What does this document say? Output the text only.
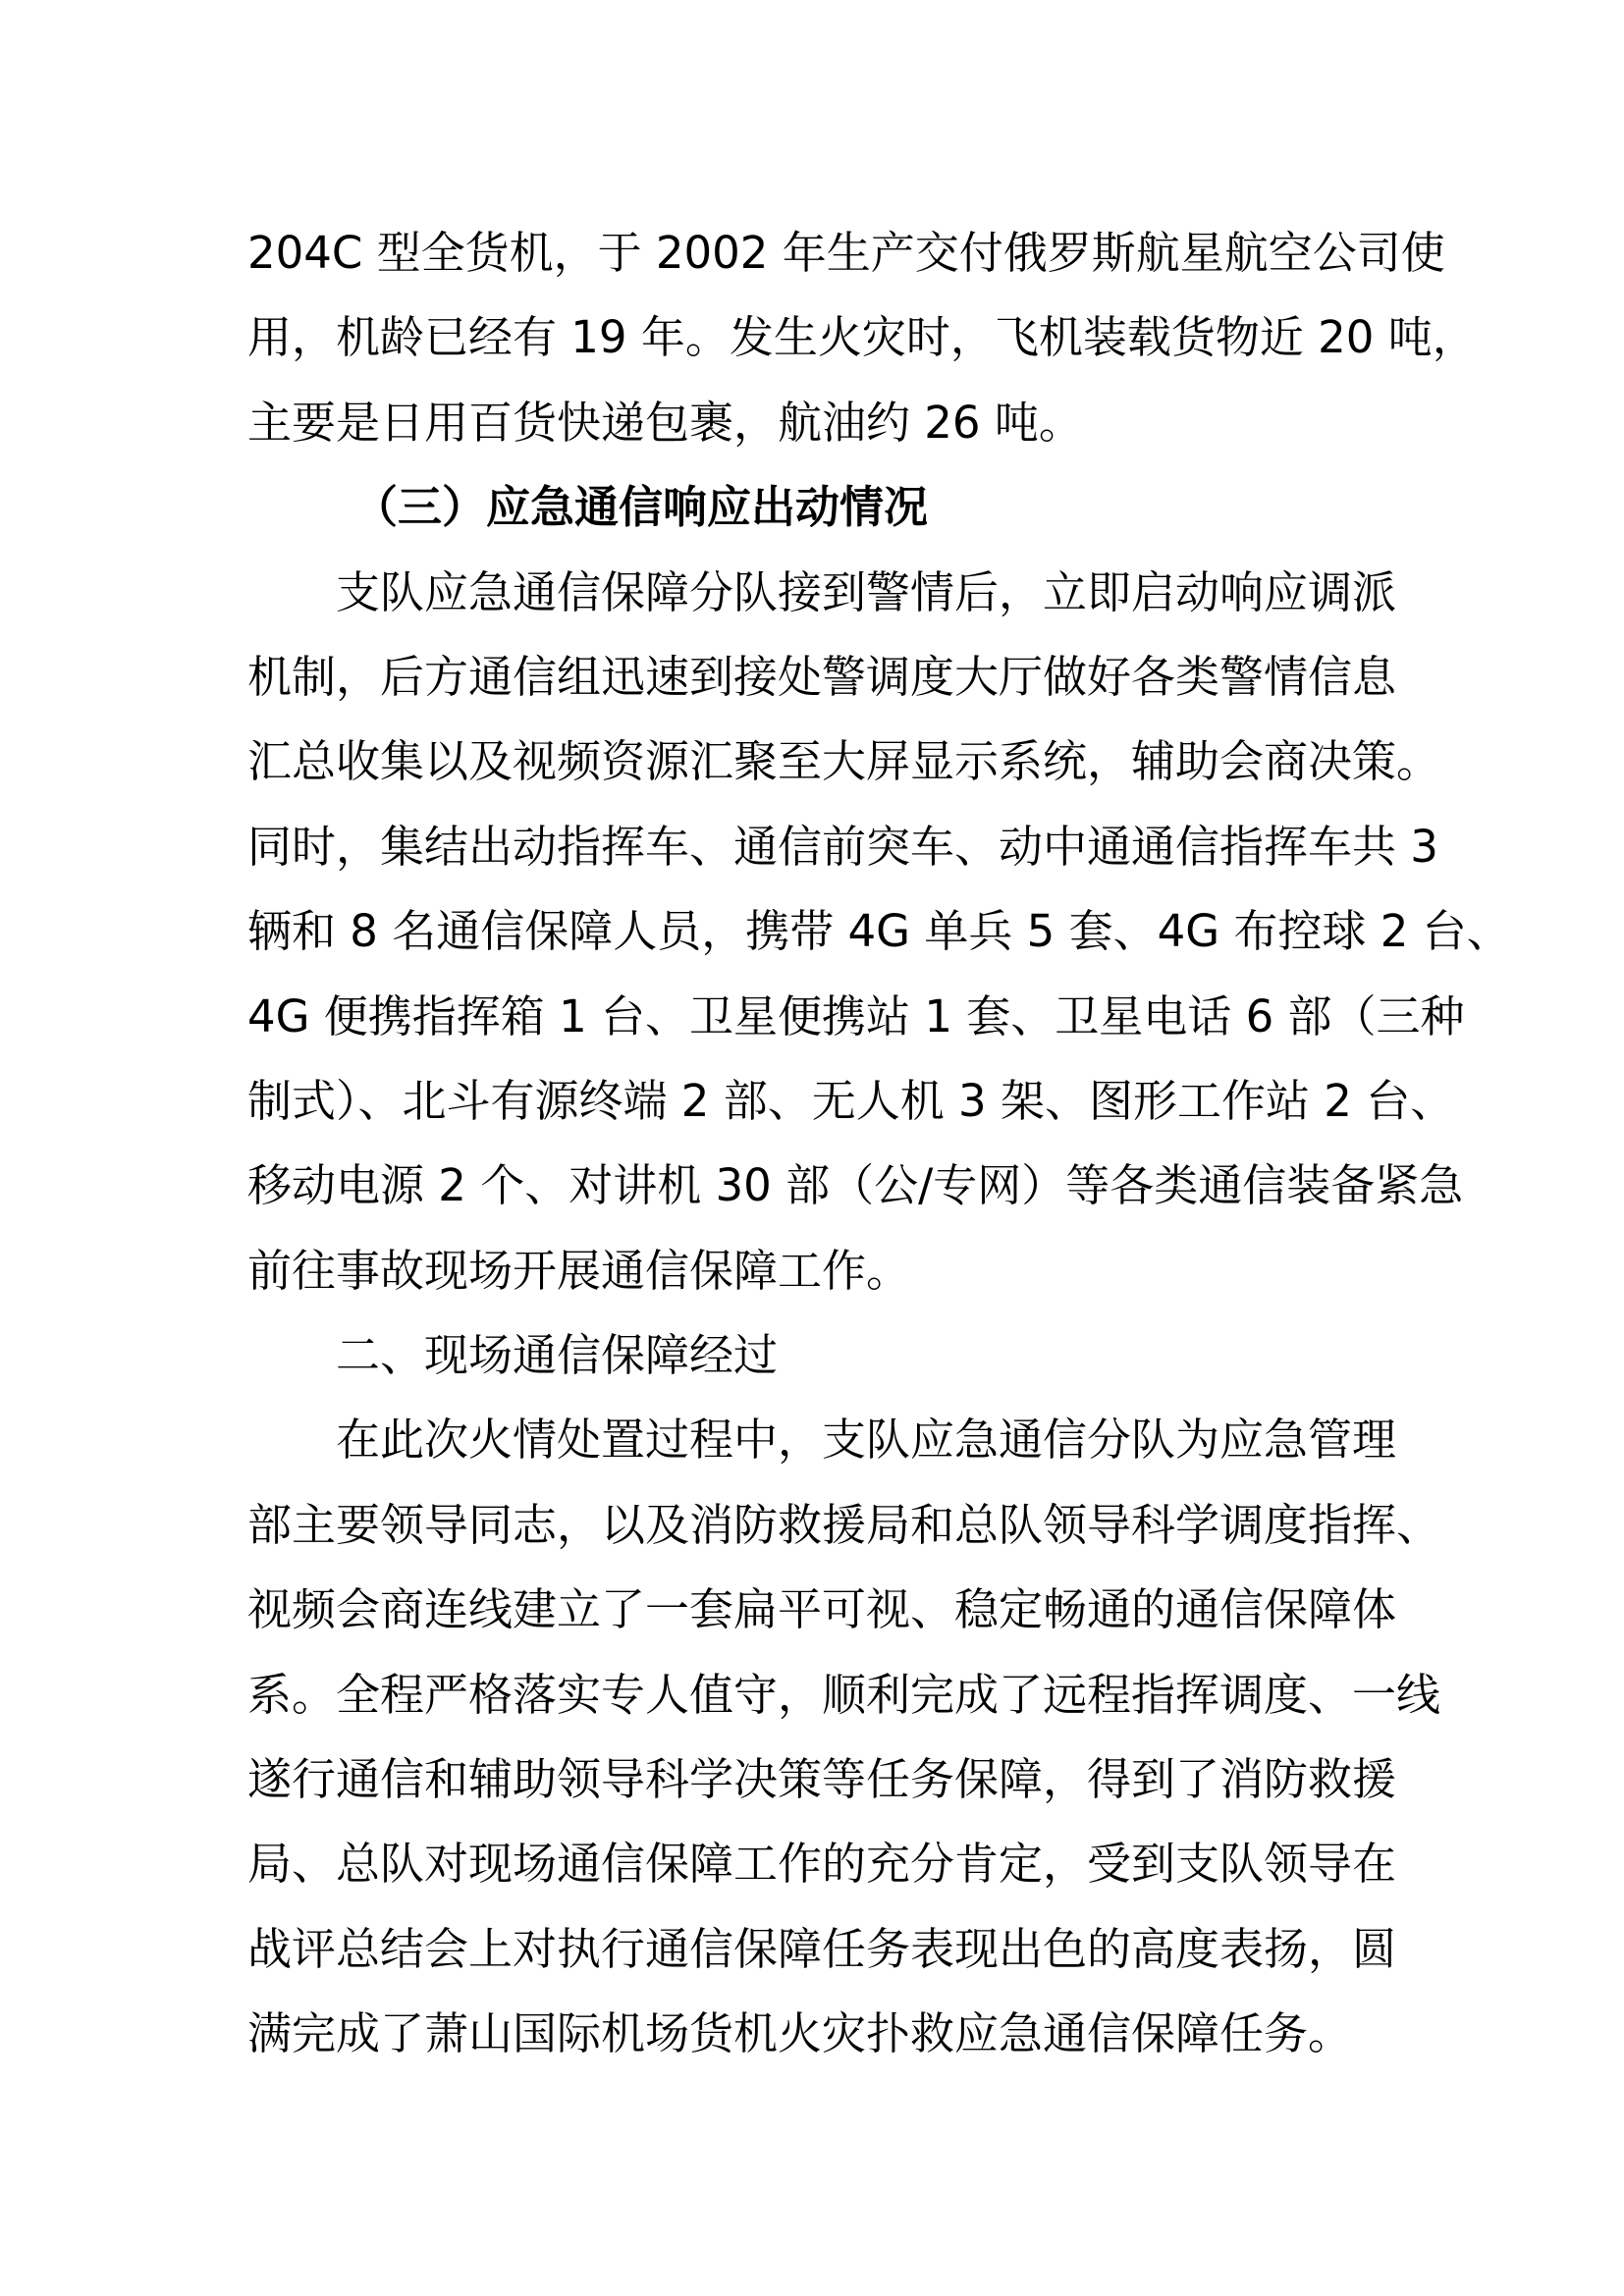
204C 型全货机，于 2002 年生产交付俄罗斯航星航空公司使
用，机龄已经有 19 年。发生火灾时，飞机装载货物近 20 吨，
主要是日用百货快递包裹，航油约 26 吨。
（三）应急通信响应出动情况
支队应急通信保障分队接到警情后，立即启动响应调派
机制，后方通信组迅速到接处警调度大厅做好各类警情信息
汇总收集以及视频资源汇聚至大屏显示系统，辅助会商决策。
同时，集结出动指挥车、通信前突车、动中通通信指挥车共 3
辆和 8 名通信保障人员，携带 4G 单兵 5 套、4G 布控球 2 台、
4G 便携指挥箱 1 台、卫星便携站 1 套、卫星电话 6 部（三种
制式）、北斗有源终端 2 部、无人机 3 架、图形工作站 2 台、
移动电源 2 个、对讲机 30 部（公/专网）等各类通信装备紧急
前往事故现场开展通信保障工作。
二、现场通信保障经过
在此次火情处置过程中，支队应急通信分队为应急管理
部主要领导同志，以及消防救援局和总队领导科学调度指挥、
视频会商连线建立了一套扁平可视、稳定畅通的通信保障体
系。全程严格落实专人值守，顺利完成了远程指挥调度、一线
遂行通信和辅助领导科学决策等任务保障，得到了消防救援
局、总队对现场通信保障工作的充分肯定，受到支队领导在
战评总结会上对执行通信保障任务表现出色的高度表扬，圆
满完成了萧山国际机场货机火灾扑救应急通信保障任务。
